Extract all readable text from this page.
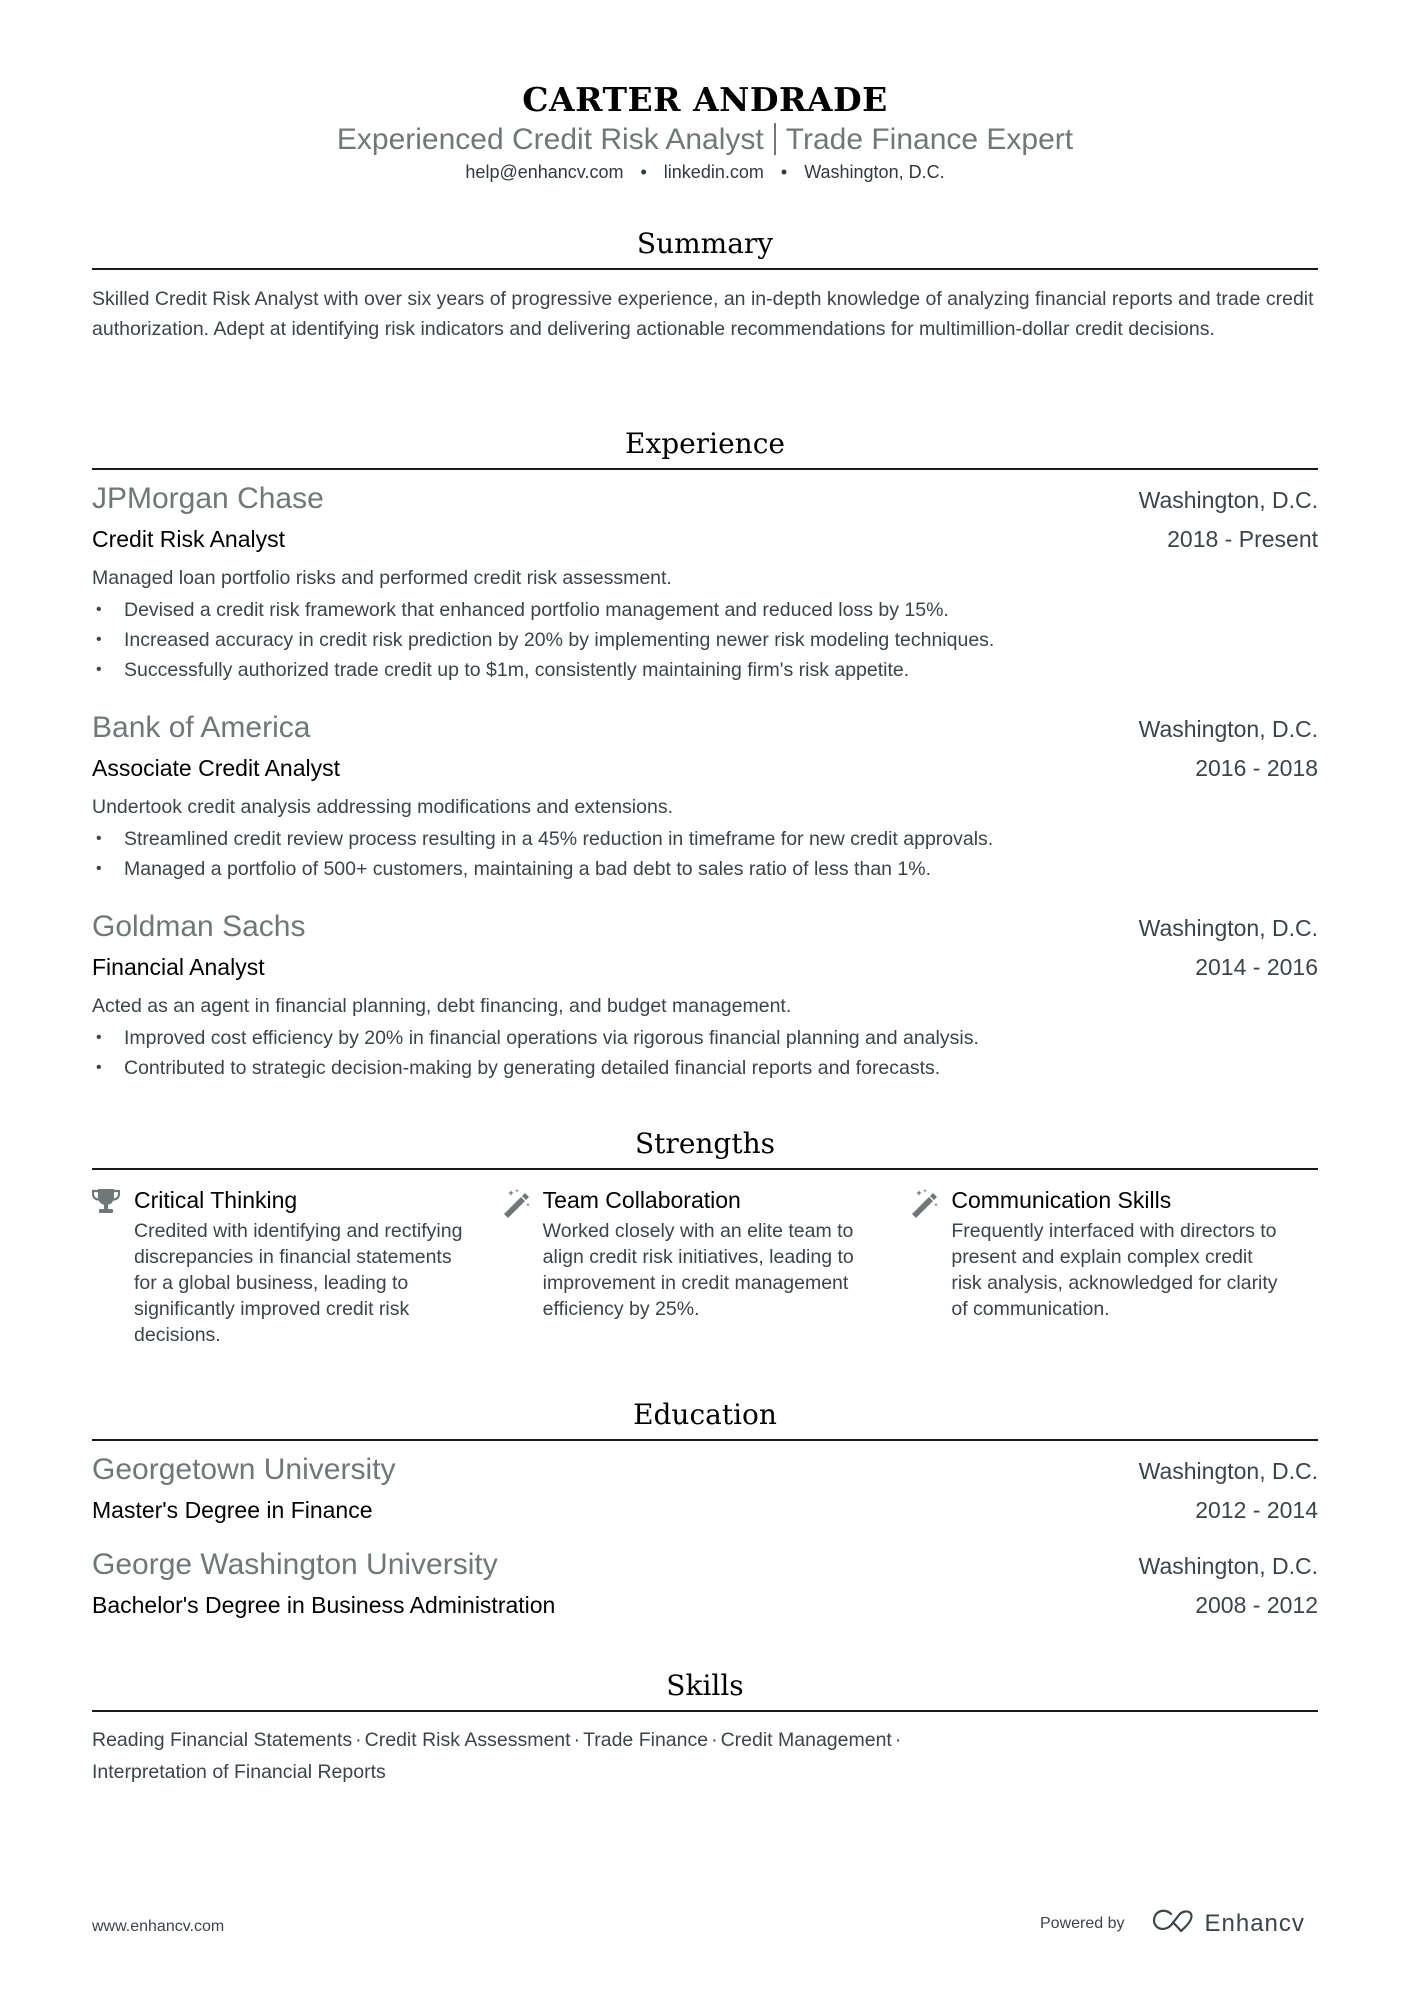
CARTER ANDRADE
Experienced Credit Risk Analyst Trade Finance Expert
help@enhancv.com • linkedin.com • Washington, D.C.
Summary
Skilled Credit Risk Analyst with over six years of progressive experience, an in-depth knowledge of analyzing financial reports and trade credit authorization. Adept at identifying risk indicators and delivering actionable recommendations for multimillion-dollar credit decisions.
Experience
JPMorgan Chase	Washington, D.C.
Credit Risk Analyst	2018 - Present
Managed loan portfolio risks and performed credit risk assessment.
• Devised a credit risk framework that enhanced portfolio management and reduced loss by 15%.
• Increased accuracy in credit risk prediction by 20% by implementing newer risk modeling techniques.
• Successfully authorized trade credit up to $1m, consistently maintaining firm's risk appetite.
Bank of America	Washington, D.C.
Associate Credit Analyst	2016 - 2018
Undertook credit analysis addressing modifications and extensions.
• Streamlined credit review process resulting in a 45% reduction in timeframe for new credit approvals.
• Managed a portfolio of 500+ customers, maintaining a bad debt to sales ratio of less than 1%.
Goldman Sachs	Washington, D.C.
Financial Analyst	2014 - 2016
Acted as an agent in financial planning, debt financing, and budget management.
• Improved cost efficiency by 20% in financial operations via rigorous financial planning and analysis.
• Contributed to strategic decision-making by generating detailed financial reports and forecasts.
Strengths
Critical Thinking
Credited with identifying and rectifying discrepancies in financial statements for a global business, leading to significantly improved credit risk decisions.
Team Collaboration
Worked closely with an elite team to align credit risk initiatives, leading to improvement in credit management efficiency by 25%.
Communication Skills
Frequently interfaced with directors to present and explain complex credit risk analysis, acknowledged for clarity of communication.
Education
Georgetown University	Washington, D.C.
Master's Degree in Finance	2012 - 2014
George Washington University	Washington, D.C.
Bachelor's Degree in Business Administration	2008 - 2012
Skills
Reading Financial Statements · Credit Risk Assessment · Trade Finance · Credit Management ·
Interpretation of Financial Reports
www.enhancv.com	Powered by	Enhancv
